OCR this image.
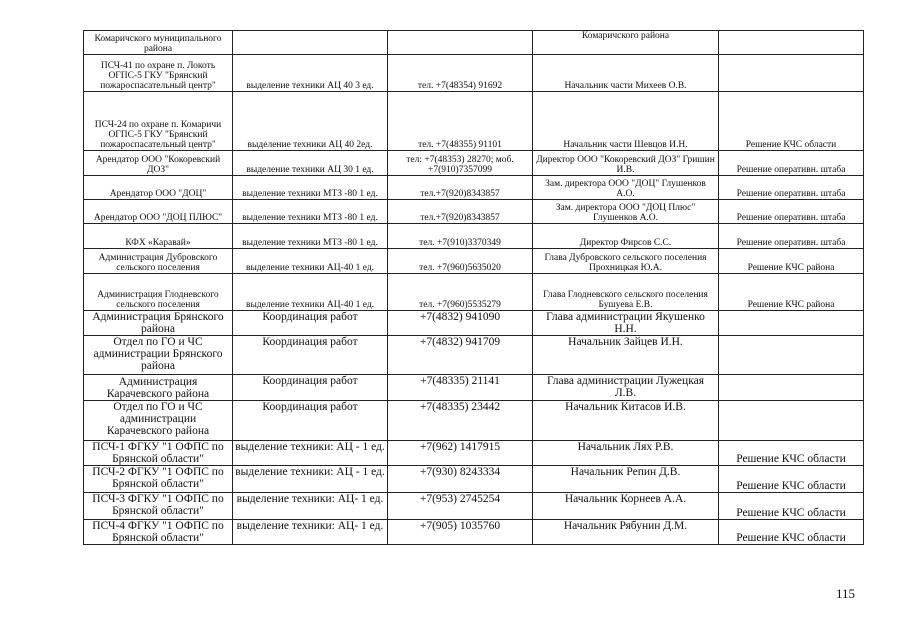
Комаричского муниципального района			Комаричского района	
ПСЧ-41 по охране п. Локоть ОГПС-5 ГКУ "Брянский пожароспасательный центр"	выделение техники АЦ 40 3 ед.	тел. +7(48354) 91692	Начальник части Михеев О.В.	
ПСЧ-24 по охране п. Комаричи ОГПС-5 ГКУ "Брянский пожароспасательный центр"	выделение техники АЦ 40 2ед.	тел. +7(48355) 91101	Начальник части Шевцов И.Н.	Решение КЧС области
Арендатор ООО "Кокоревский ДОЗ"	выделение техники АЦ 30 1 ед.	тел: +7(48353) 28270; моб. +7(910)7357099	Директор ООО "Кокоревский ДОЗ" Гришин И.В.	Решение оперативн. штаба
Арендатор ООО "ДОЦ"	выделение техники МТЗ -80 1 ед.	тел.+7(920)8343857	Зам. директора ООО "ДОЦ" Глушенков А.О.	Решение оперативн. штаба
Арендатор ООО "ДОЦ ПЛЮС"	выделение техники МТЗ -80 1 ед.	тел.+7(920)8343857	Зам. директора ООО "ДОЦ Плюс" Глушенков А.О.	Решение оперативн. штаба
КФХ «Каравай»	выделение техники МТЗ -80 1 ед.	тел. +7(910)3370349	Директор Фирсов С.С.	Решение оперативн. штаба
Администрация Дубровского сельского поселения	выделение техники АЦ-40 1 ед.	тел. +7(960)5635020	Глава Дубровского сельского поселения Прохницкая Ю.А.	Решение КЧС района
Администрация Глодневского сельского поселения	выделение техники АЦ-40 1 ед.	тел. +7(960)5535279	Глава Глодневского сельского поселения Бушуева Е.В.	Решение КЧС района
Администрация Брянского района	Координация работ	+7(4832) 941090	Глава администрации Якушенко Н.Н.	
Отдел по ГО и ЧС администрации Брянского района	Координация работ	+7(4832) 941709	Начальник Зайцев И.Н.	
Администрация Карачевского района	Координация работ	+7(48335) 21141	Глава администрации Лужецкая Л.В.	
Отдел по ГО и ЧС администрации Карачевского района	Координация работ	+7(48335) 23442	Начальник Китасов И.В.	
ПСЧ-1 ФГКУ "1 ОФПС по Брянской области"	выделение техники: АЦ - 1 ед.	+7(962) 1417915	Начальник Лях Р.В.	Решение КЧС области
ПСЧ-2 ФГКУ "1 ОФПС по Брянской области"	выделение техники: АЦ - 1 ед.	+7(930) 8243334	Начальник Репин Д.В.	Решение КЧС области
ПСЧ-3 ФГКУ "1 ОФПС по Брянской области"	выделение техники: АЦ- 1 ед.	+7(953) 2745254	Начальник Корнеев А.А.	Решение КЧС области
ПСЧ-4 ФГКУ "1 ОФПС по Брянской области"	выделение техники: АЦ- 1 ед.	+7(905) 1035760	Начальник Рябунин Д.М.	Решение КЧС области
115
